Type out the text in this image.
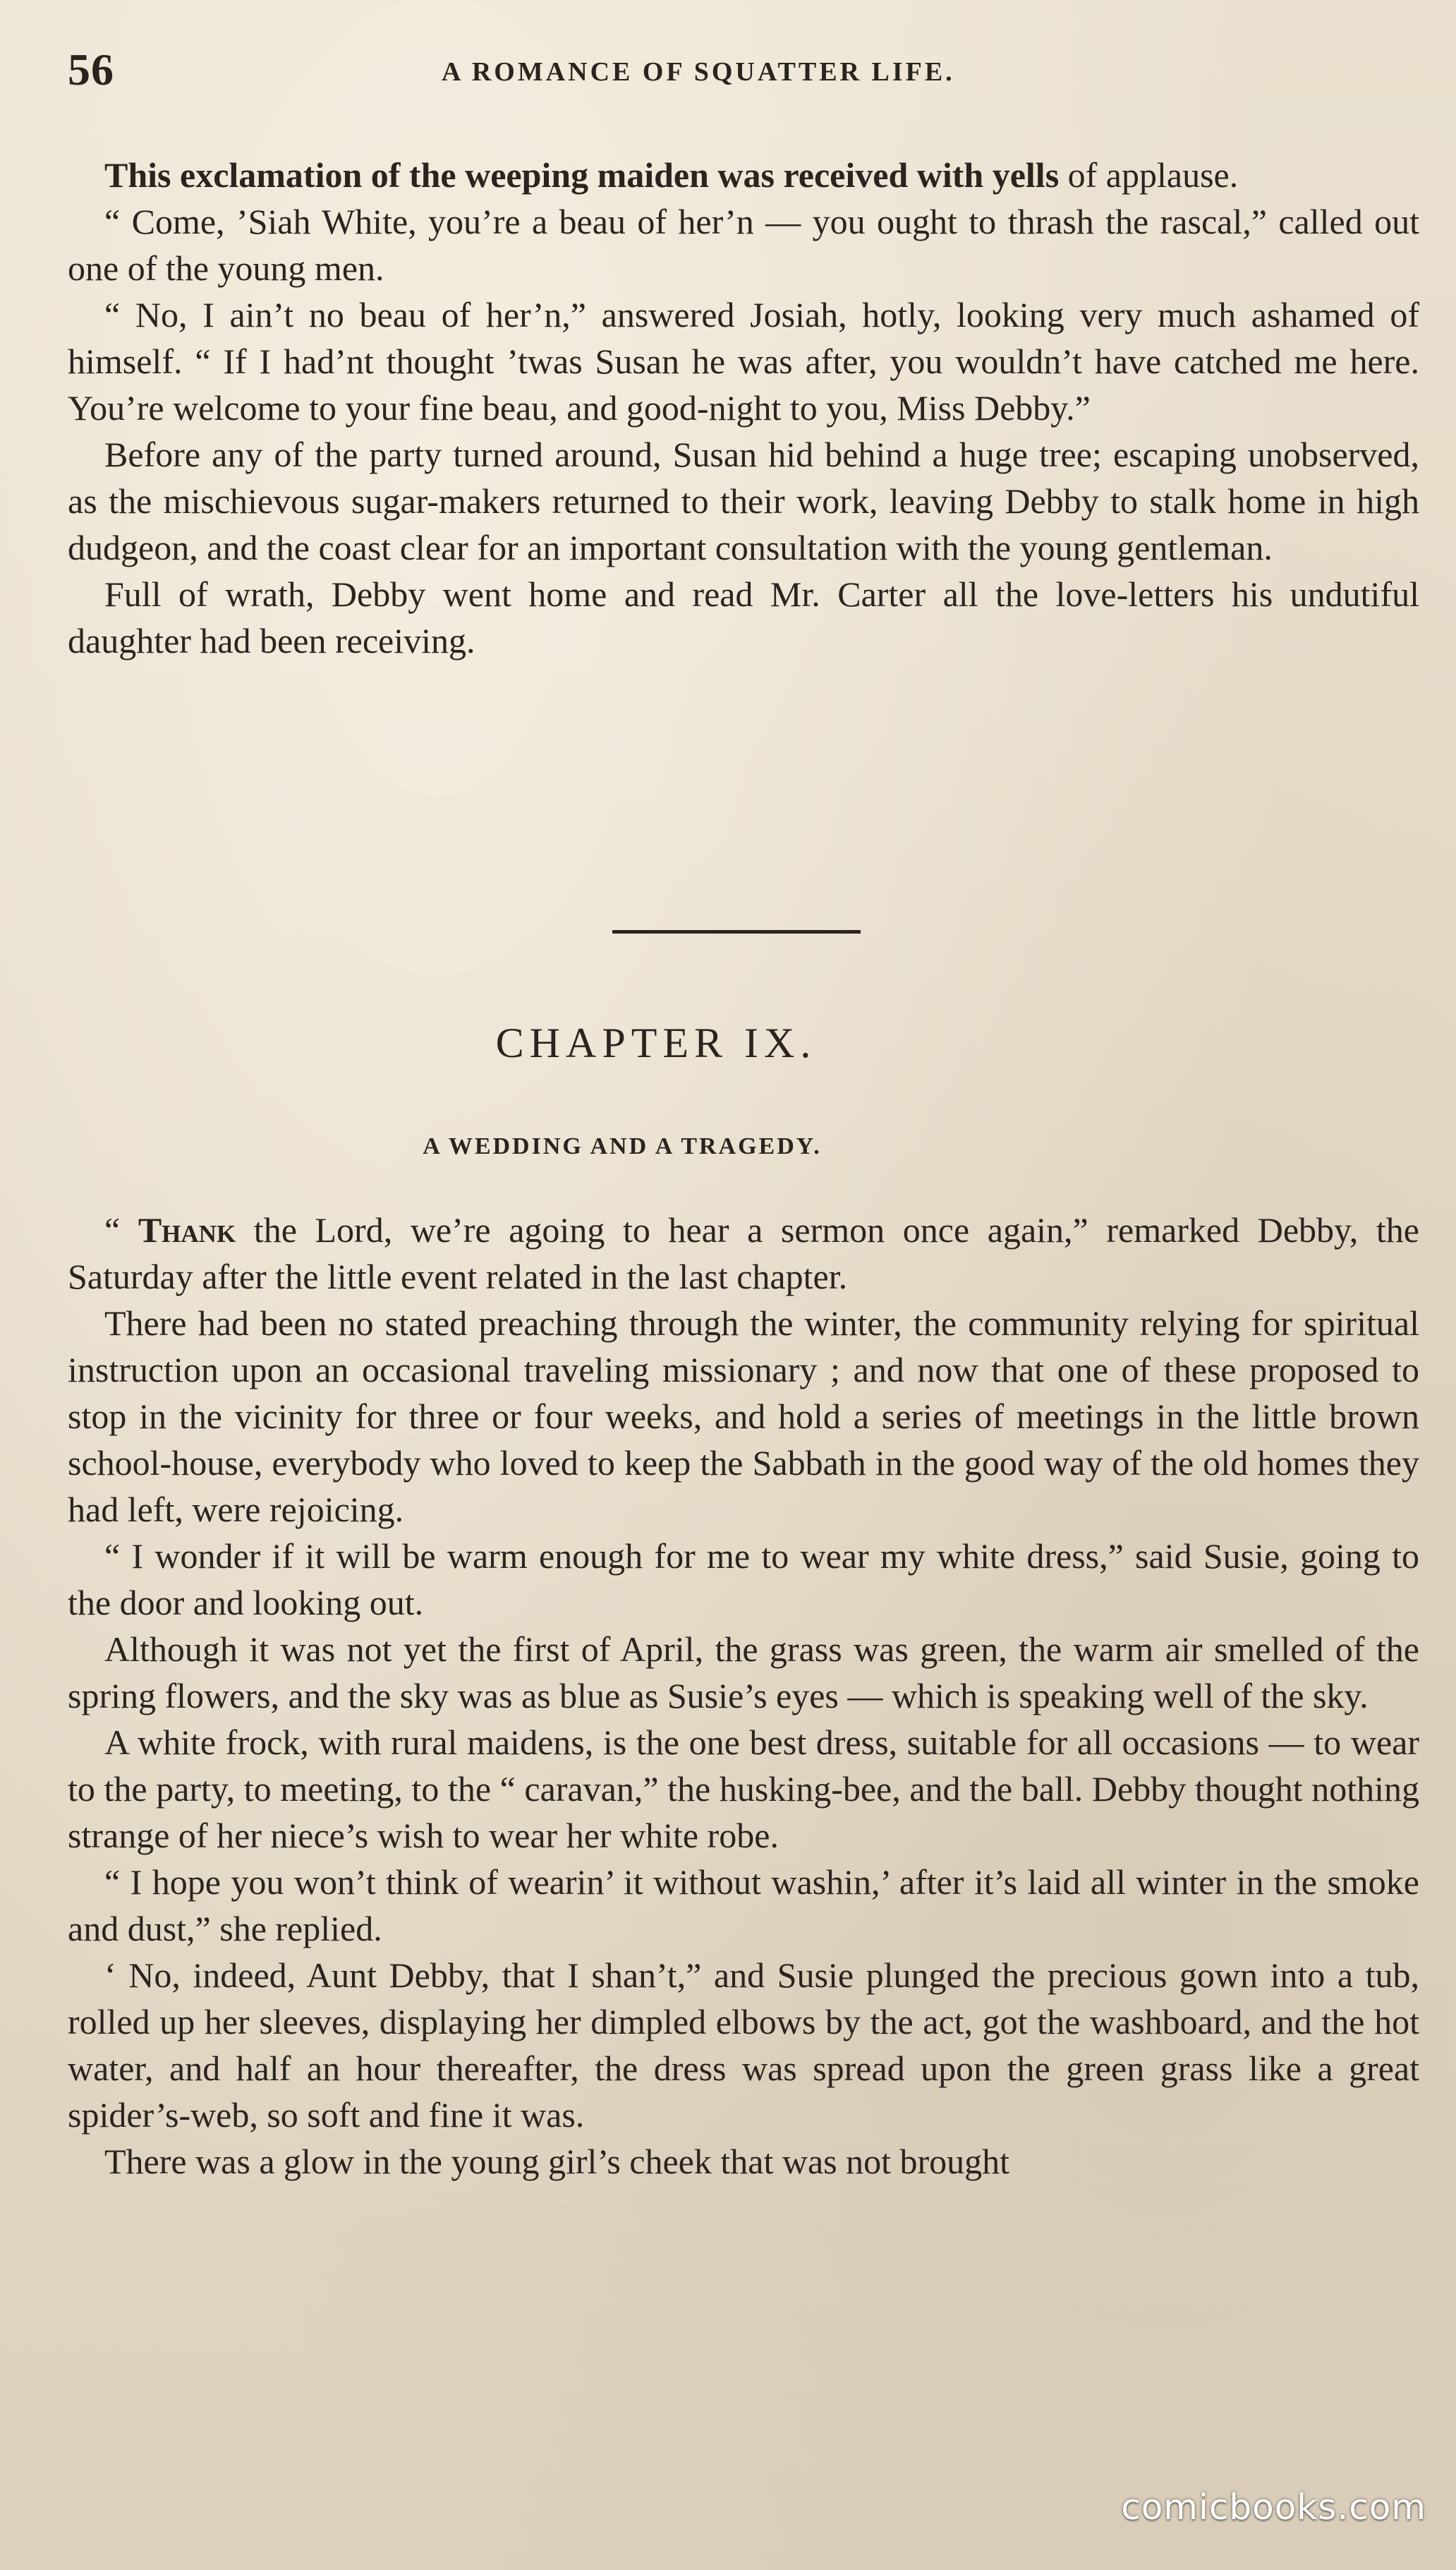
56	A ROMANCE OF SQUATTER LIFE.

This exclamation of the weeping maiden was received with yells of applause.

“ Come, ’Siah White, you’re a beau of her’n — you ought to thrash the rascal,” called out one of the young men.

“ No, I ain’t no beau of her’n,” answered Josiah, hotly, looking very much ashamed of himself. “ If I had’nt thought ’twas Susan he was after, you wouldn’t have catched me here. You’re welcome to your fine beau, and good-night to you, Miss Debby.”

Before any of the party turned around, Susan hid behind a huge tree; escaping unobserved, as the mischievous sugar-makers returned to their work, leaving Debby to stalk home in high dudgeon, and the coast clear for an important consultation with the young gentleman.

Full of wrath, Debby went home and read Mr. Carter all the love-letters his undutiful daughter had been receiving.

CHAPTER IX.
A WEDDING AND A TRAGEDY.

“ Thank the Lord, we’re agoing to hear a sermon once again,” remarked Debby, the Saturday after the little event related in the last chapter.

There had been no stated preaching through the winter, the community relying for spiritual instruction upon an occasional traveling missionary ; and now that one of these proposed to stop in the vicinity for three or four weeks, and hold a series of meetings in the little brown school-house, everybody who loved to keep the Sabbath in the good way of the old homes they had left, were rejoicing.

“ I wonder if it will be warm enough for me to wear my white dress,” said Susie, going to the door and looking out.

Although it was not yet the first of April, the grass was green, the warm air smelled of the spring flowers, and the sky was as blue as Susie’s eyes — which is speaking well of the sky.

A white frock, with rural maidens, is the one best dress, suitable for all occasions — to wear to the party, to meeting, to the “ caravan,” the husking-bee, and the ball. Debby thought nothing strange of her niece’s wish to wear her white robe.

“ I hope you won’t think of wearin’ it without washin,’ after it’s laid all winter in the smoke and dust,” she replied.

‘ No, indeed, Aunt Debby, that I shan’t,” and Susie plunged the precious gown into a tub, rolled up her sleeves, displaying her dimpled elbows by the act, got the washboard, and the hot water, and half an hour thereafter, the dress was spread upon the green grass like a great spider’s-web, so soft and fine it was.

There was a glow in the young girl’s cheek that was not brought

comicbooks.com
